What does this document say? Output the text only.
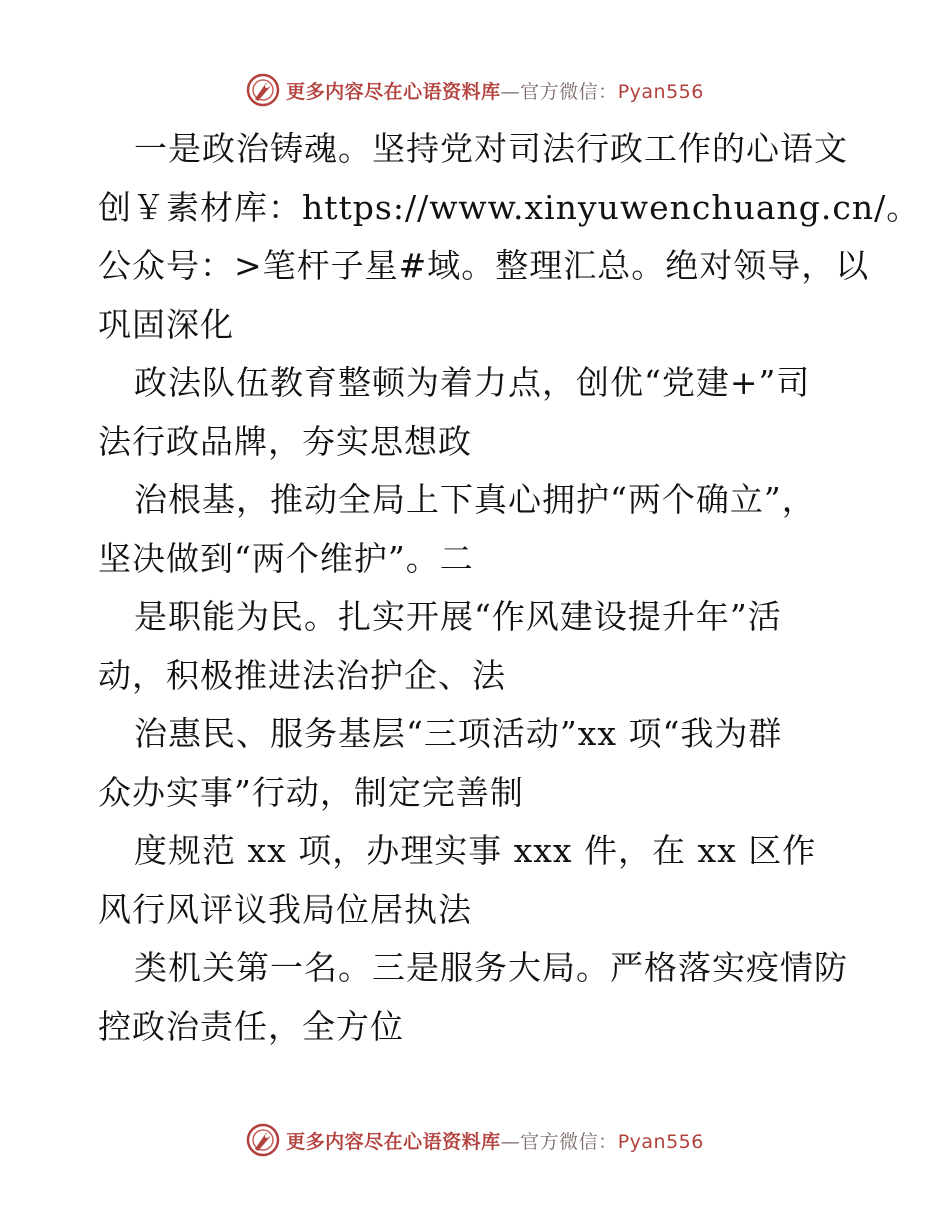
更多内容尽在心语资料库—官方微信：Pyan556
一是政治铸魂。坚持党对司法行政工作的心语文
创￥素材库：https://www.xinyuwenchuang.cn/。
公众号：>笔杆子星#域。整理汇总。绝对领导，以
巩固深化
政法队伍教育整顿为着力点，创优“党建+”司
法行政品牌，夯实思想政
治根基，推动全局上下真心拥护“两个确立”，
坚决做到“两个维护”。二
是职能为民。扎实开展“作风建设提升年”活
动，积极推进法治护企、法
治惠民、服务基层“三项活动”xx 项“我为群
众办实事”行动，制定完善制
度规范 xx 项，办理实事 xxx 件，在 xx 区作
风行风评议我局位居执法
类机关第一名。三是服务大局。严格落实疫情防
控政治责任，全方位
更多内容尽在心语资料库—官方微信：Pyan556
